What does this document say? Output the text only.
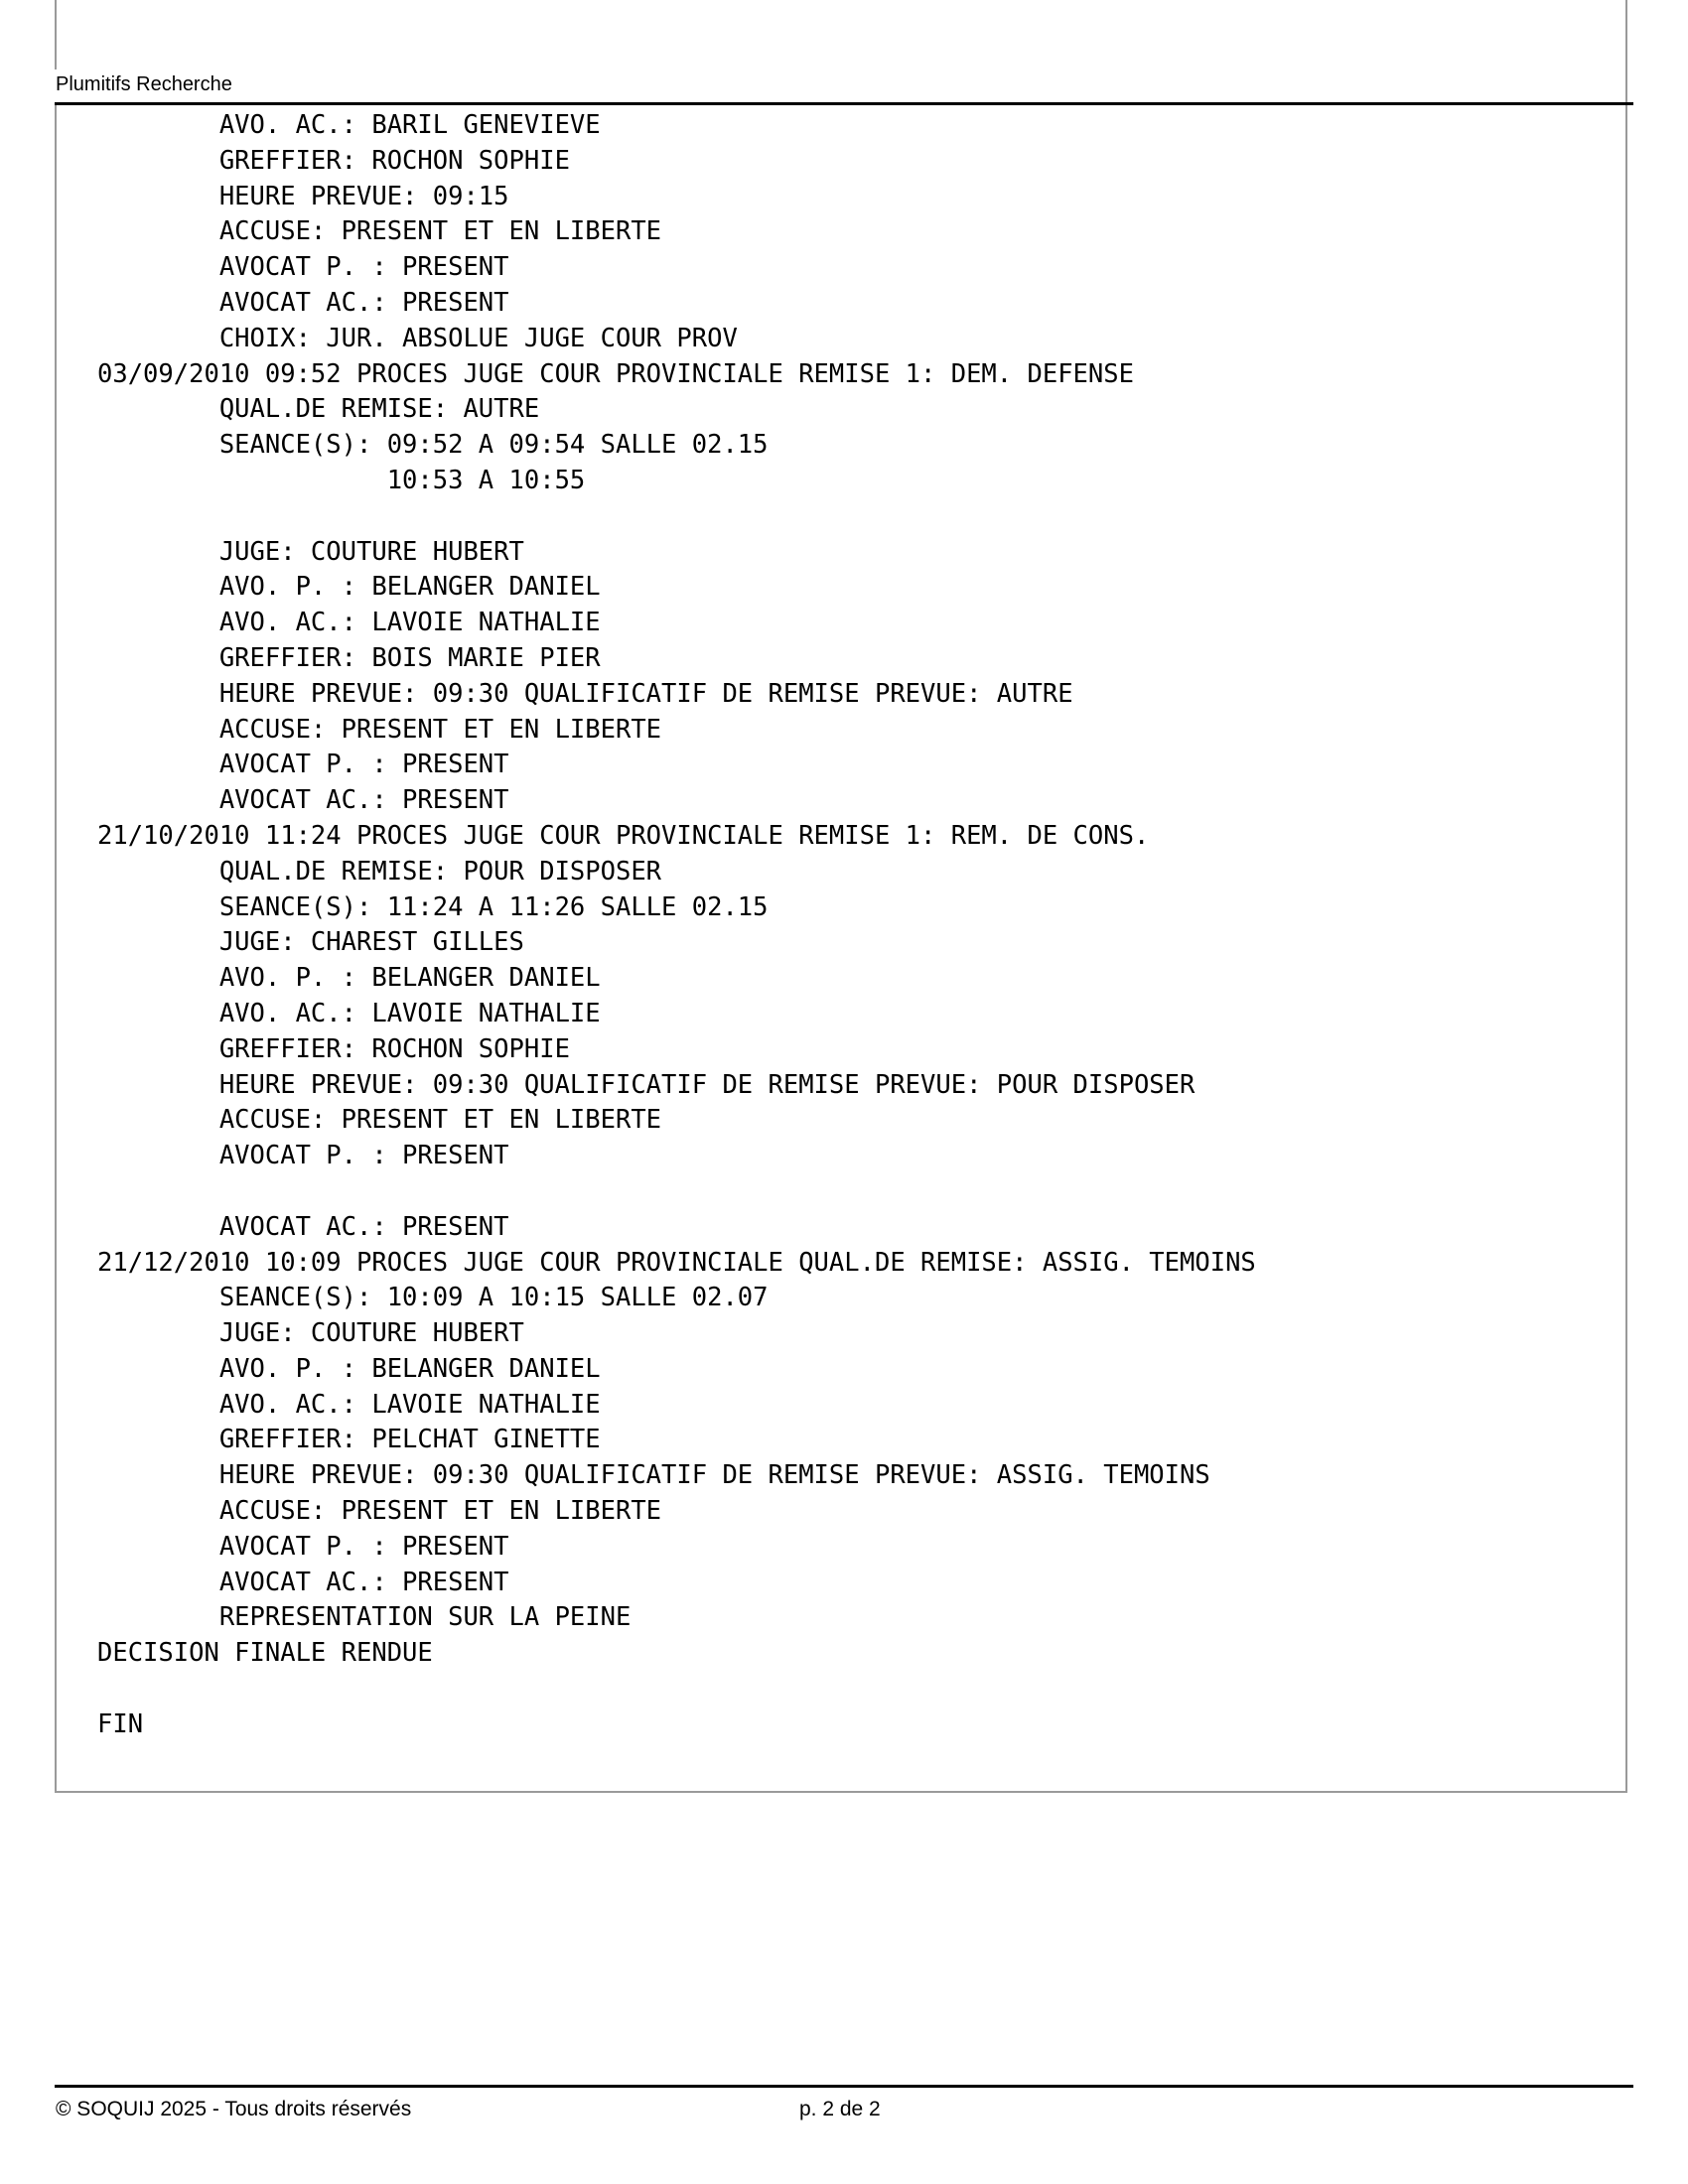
Plumitifs Recherche
AVO. AC.: BARIL GENEVIEVE
GREFFIER: ROCHON SOPHIE
HEURE PREVUE: 09:15
ACCUSE: PRESENT ET EN LIBERTE
AVOCAT P. : PRESENT
AVOCAT AC.: PRESENT
CHOIX: JUR. ABSOLUE JUGE COUR PROV
03/09/2010 09:52 PROCES JUGE COUR PROVINCIALE REMISE 1: DEM. DEFENSE
QUAL.DE REMISE: AUTRE
SEANCE(S): 09:52 A 09:54 SALLE 02.15
10:53 A 10:55
JUGE: COUTURE HUBERT
AVO. P. : BELANGER DANIEL
AVO. AC.: LAVOIE NATHALIE
GREFFIER: BOIS MARIE PIER
HEURE PREVUE: 09:30 QUALIFICATIF DE REMISE PREVUE: AUTRE
ACCUSE: PRESENT ET EN LIBERTE
AVOCAT P. : PRESENT
AVOCAT AC.: PRESENT
21/10/2010 11:24 PROCES JUGE COUR PROVINCIALE REMISE 1: REM. DE CONS.
QUAL.DE REMISE: POUR DISPOSER
SEANCE(S): 11:24 A 11:26 SALLE 02.15
JUGE: CHAREST GILLES
AVO. P. : BELANGER DANIEL
AVO. AC.: LAVOIE NATHALIE
GREFFIER: ROCHON SOPHIE
HEURE PREVUE: 09:30 QUALIFICATIF DE REMISE PREVUE: POUR DISPOSER
ACCUSE: PRESENT ET EN LIBERTE
AVOCAT P. : PRESENT
AVOCAT AC.: PRESENT
21/12/2010 10:09 PROCES JUGE COUR PROVINCIALE QUAL.DE REMISE: ASSIG. TEMOINS
SEANCE(S): 10:09 A 10:15 SALLE 02.07
JUGE: COUTURE HUBERT
AVO. P. : BELANGER DANIEL
AVO. AC.: LAVOIE NATHALIE
GREFFIER: PELCHAT GINETTE
HEURE PREVUE: 09:30 QUALIFICATIF DE REMISE PREVUE: ASSIG. TEMOINS
ACCUSE: PRESENT ET EN LIBERTE
AVOCAT P. : PRESENT
AVOCAT AC.: PRESENT
REPRESENTATION SUR LA PEINE
DECISION FINALE RENDUE
FIN
© SOQUIJ 2025 - Tous droits réservés	p. 2 de 2
